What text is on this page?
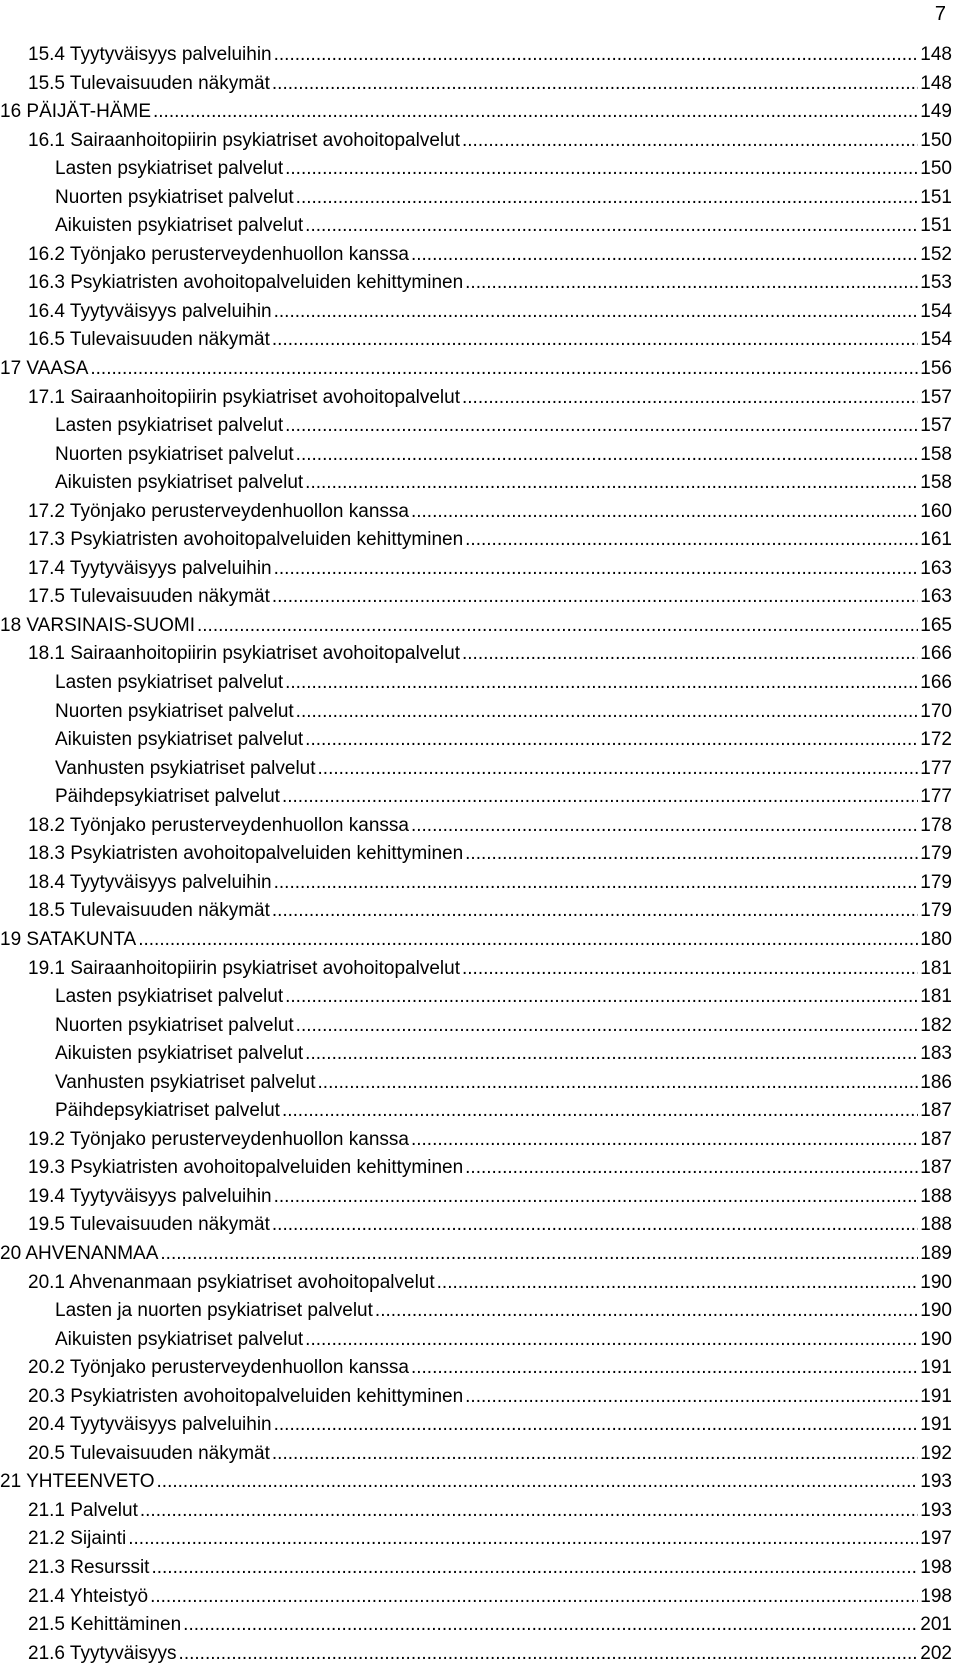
7
15.4 Tyytyväisyys palveluihin .....	148
15.5 Tulevaisuuden näkymät .....	148
16 PÄIJÄT-HÄME .....	149
16.1 Sairaanhoitopiirin psykiatriset avohoitopalvelut .....	150
Lasten psykiatriset palvelut .....	150
Nuorten psykiatriset palvelut .....	151
Aikuisten psykiatriset palvelut .....	151
16.2 Työnjako perusterveydenhuollon kanssa .....	152
16.3 Psykiatristen avohoitopalveluiden kehittyminen .....	153
16.4 Tyytyväisyys palveluihin .....	154
16.5 Tulevaisuuden näkymät .....	154
17 VAASA .....	156
17.1 Sairaanhoitopiirin psykiatriset avohoitopalvelut .....	157
Lasten psykiatriset palvelut .....	157
Nuorten psykiatriset palvelut .....	158
Aikuisten psykiatriset palvelut .....	158
17.2 Työnjako perusterveydenhuollon kanssa .....	160
17.3 Psykiatristen avohoitopalveluiden kehittyminen .....	161
17.4 Tyytyväisyys palveluihin .....	163
17.5 Tulevaisuuden näkymät .....	163
18 VARSINAIS-SUOMI .....	165
18.1 Sairaanhoitopiirin psykiatriset avohoitopalvelut .....	166
Lasten psykiatriset palvelut .....	166
Nuorten psykiatriset palvelut .....	170
Aikuisten psykiatriset palvelut .....	172
Vanhusten psykiatriset palvelut .....	177
Päihdepsykiatriset palvelut .....	177
18.2 Työnjako perusterveydenhuollon kanssa .....	178
18.3 Psykiatristen avohoitopalveluiden kehittyminen .....	179
18.4 Tyytyväisyys palveluihin .....	179
18.5 Tulevaisuuden näkymät .....	179
19 SATAKUNTA .....	180
19.1 Sairaanhoitopiirin psykiatriset avohoitopalvelut .....	181
Lasten psykiatriset palvelut .....	181
Nuorten psykiatriset palvelut .....	182
Aikuisten psykiatriset palvelut .....	183
Vanhusten psykiatriset palvelut .....	186
Päihdepsykiatriset palvelut .....	187
19.2 Työnjako perusterveydenhuollon kanssa .....	187
19.3 Psykiatristen avohoitopalveluiden kehittyminen .....	187
19.4 Tyytyväisyys palveluihin .....	188
19.5 Tulevaisuuden näkymät .....	188
20 AHVENANMAA .....	189
20.1 Ahvenanmaan psykiatriset avohoitopalvelut .....	190
Lasten ja nuorten psykiatriset palvelut .....	190
Aikuisten psykiatriset palvelut .....	190
20.2 Työnjako perusterveydenhuollon kanssa .....	191
20.3 Psykiatristen avohoitopalveluiden kehittyminen .....	191
20.4 Tyytyväisyys palveluihin .....	191
20.5 Tulevaisuuden näkymät .....	192
21 YHTEENVETO .....	193
21.1 Palvelut .....	193
21.2 Sijainti .....	197
21.3 Resurssit .....	198
21.4 Yhteistyö .....	198
21.5 Kehittäminen .....	201
21.6 Tyytyväisyys .....	202
